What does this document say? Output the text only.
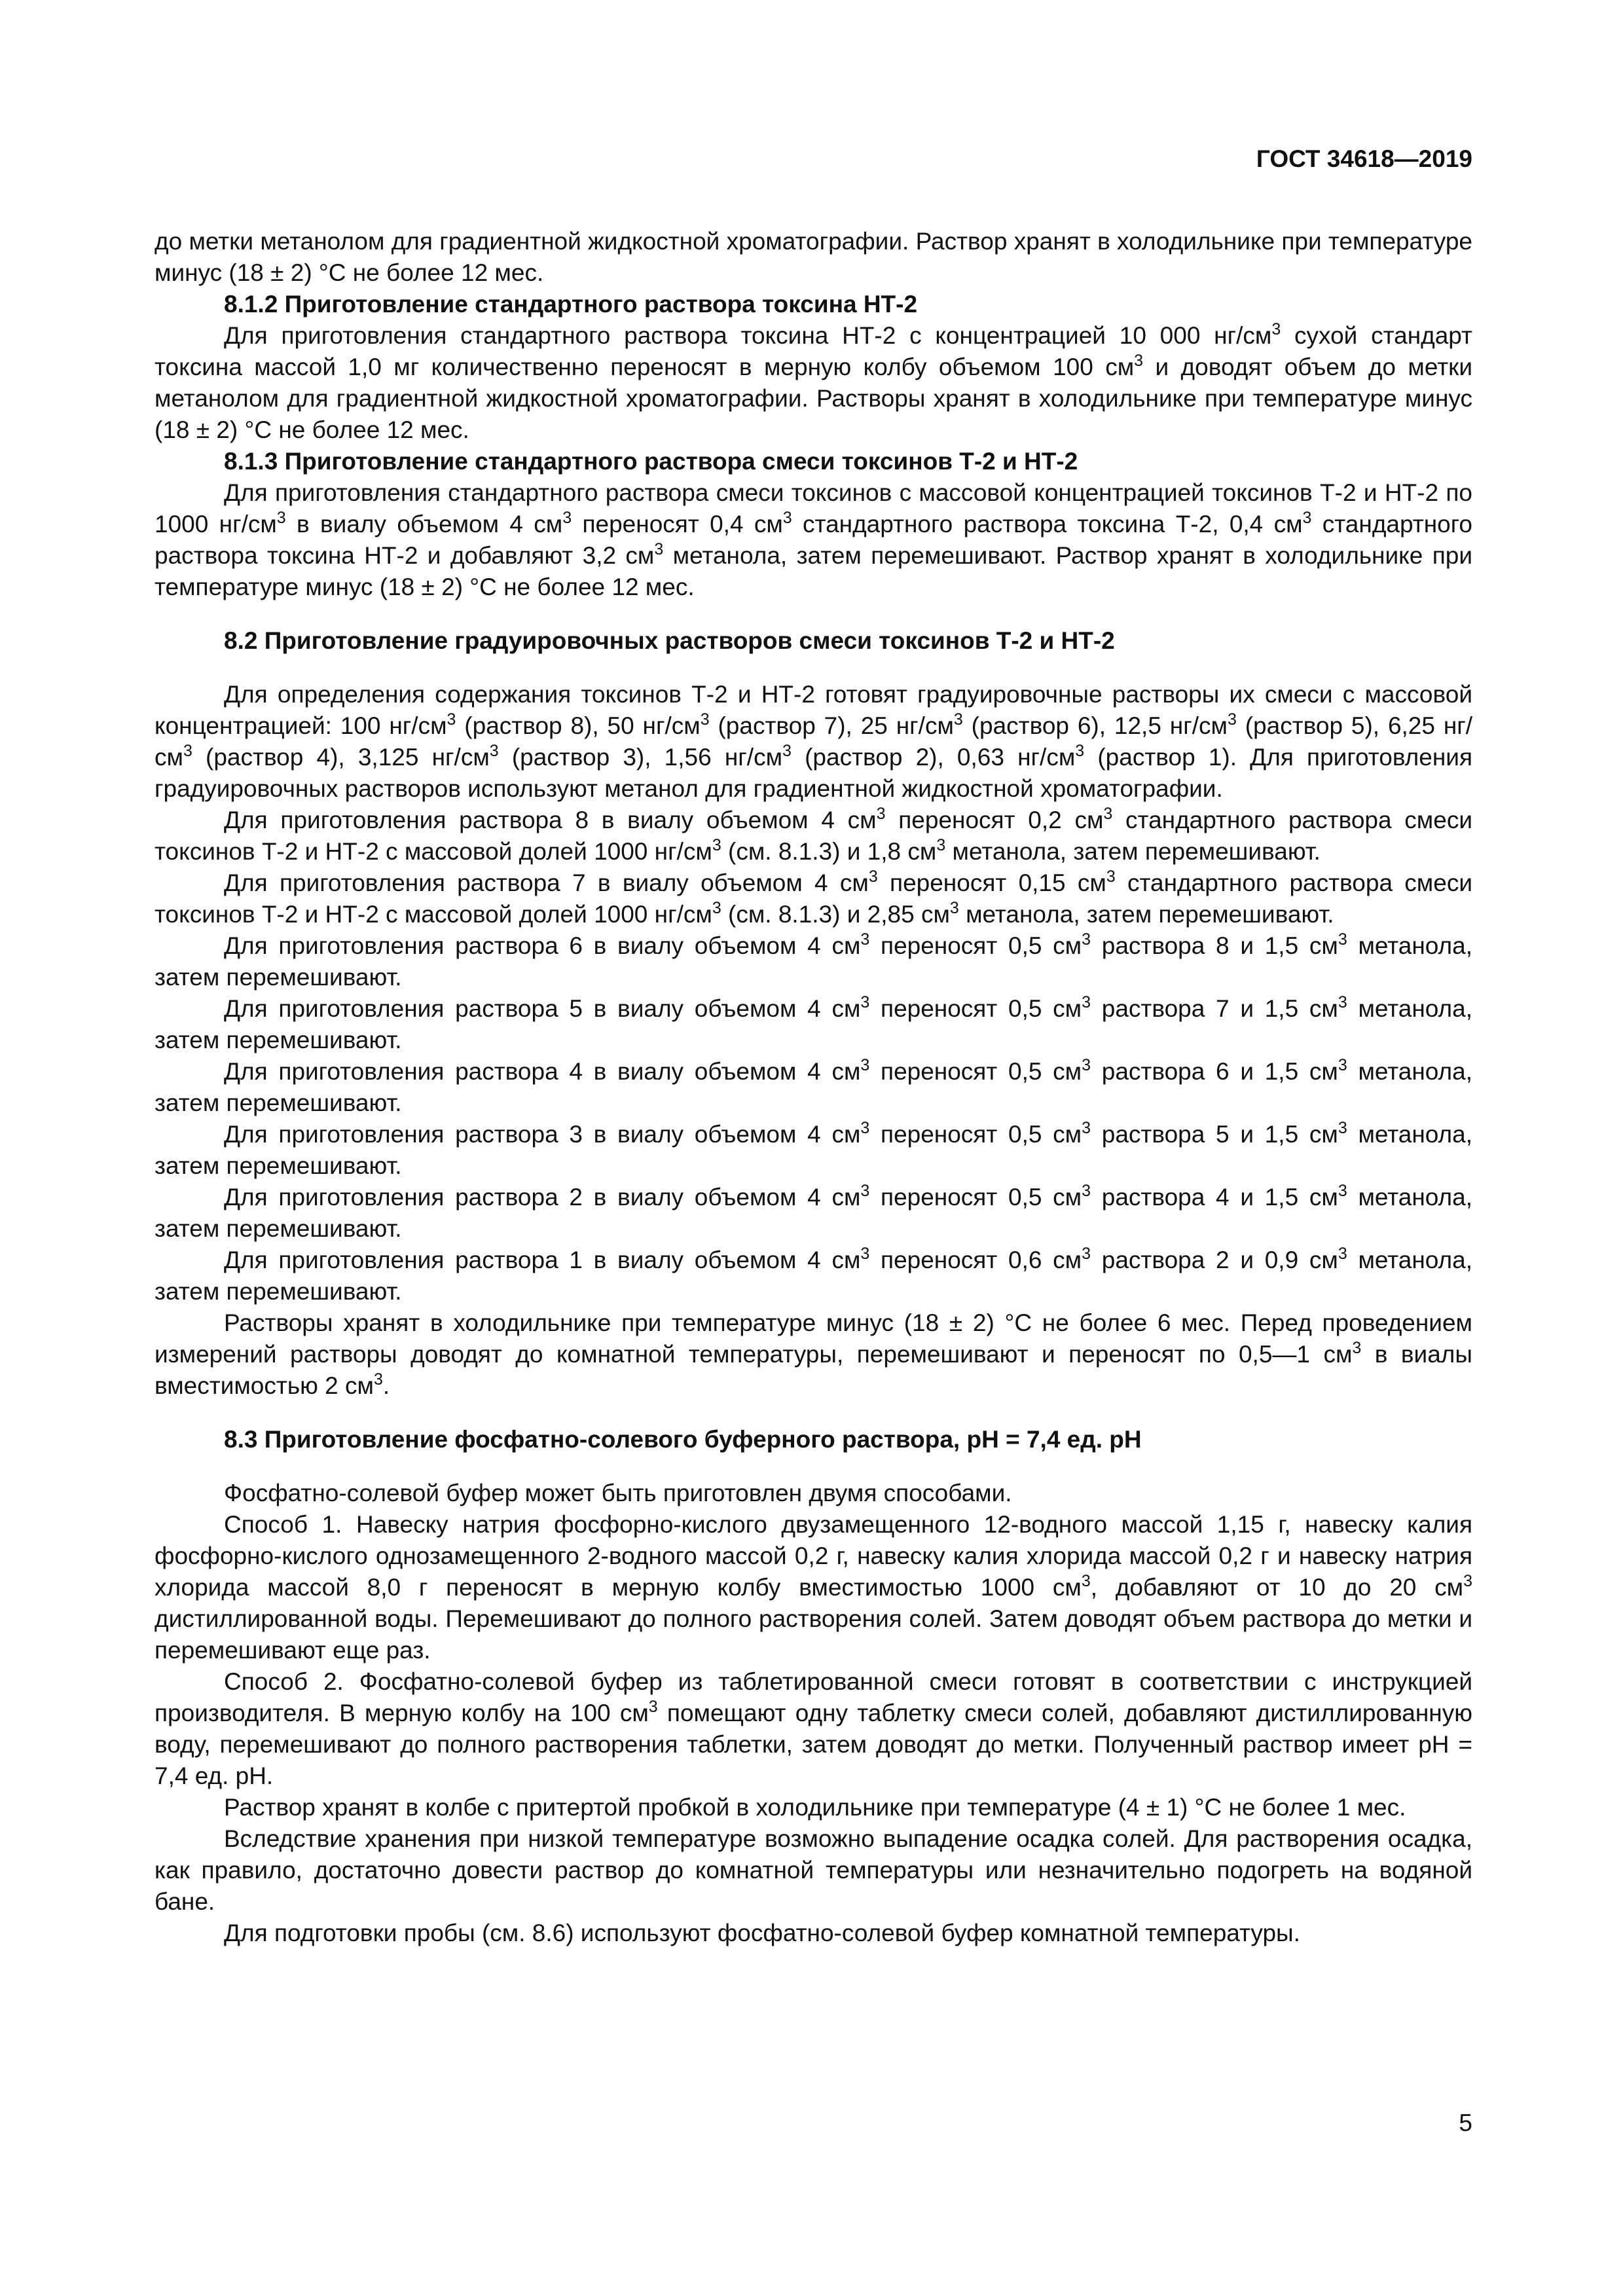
ГОСТ 34618—2019

до метки метанолом для градиентной жидкостной хроматографии. Раствор хранят в холодильнике при температуре минус (18 ± 2) °С не более 12 мес.

8.1.2 Приготовление стандартного раствора токсина НТ-2

Для приготовления стандартного раствора токсина НТ-2 с концентрацией 10 000 $нг/см^3$ сухой стандарт токсина массой 1,0 мг количественно переносят в мерную колбу объемом 100 $см^3$ и доводят объем до метки метанолом для градиентной жидкостной хроматографии. Растворы хранят в холодильнике при температуре минус (18 ± 2) °С не более 12 мес.

8.1.3 Приготовление стандартного раствора смеси токсинов Т-2 и НТ-2

Для приготовления стандартного раствора смеси токсинов с массовой концентрацией токсинов Т-2 и НТ-2 по 1000 $нг/см^3$ в виалу объемом 4 $см^3$ переносят 0,4 $см^3$ стандартного раствора токсина Т-2, 0,4 $см^3$ стандартного раствора токсина НТ-2 и добавляют 3,2 $см^3$ метанола, затем перемешивают. Раствор хранят в холодильнике при температуре минус (18 ± 2) °С не более 12 мес.

8.2 Приготовление градуировочных растворов смеси токсинов Т-2 и НТ-2

Для определения содержания токсинов Т-2 и НТ-2 готовят градуировочные растворы их смеси с массовой концентрацией: 100 $нг/см^3$ (раствор 8), 50 $нг/см^3$ (раствор 7), 25 $нг/см^3$ (раствор 6), 12,5 $нг/см^3$ (раствор 5), 6,25 $нг/см^3$ (раствор 4), 3,125 $нг/см^3$ (раствор 3), 1,56 $нг/см^3$ (раствор 2), 0,63 $нг/см^3$ (раствор 1). Для приготовления градуировочных растворов используют метанол для градиентной жидкостной хроматографии.

Для приготовления раствора 8 в виалу объемом 4 $см^3$ переносят 0,2 $см^3$ стандартного раствора смеси токсинов Т-2 и НТ-2 с массовой долей 1000 $нг/см^3$ (см. 8.1.3) и 1,8 $см^3$ метанола, затем перемешивают.

Для приготовления раствора 7 в виалу объемом 4 $см^3$ переносят 0,15 $см^3$ стандартного раствора смеси токсинов Т-2 и НТ-2 с массовой долей 1000 $нг/см^3$ (см. 8.1.3) и 2,85 $см^3$ метанола, затем перемешивают.

Для приготовления раствора 6 в виалу объемом 4 $см^3$ переносят 0,5 $см^3$ раствора 8 и 1,5 $см^3$ метанола, затем перемешивают.

Для приготовления раствора 5 в виалу объемом 4 $см^3$ переносят 0,5 $см^3$ раствора 7 и 1,5 $см^3$ метанола, затем перемешивают.

Для приготовления раствора 4 в виалу объемом 4 $см^3$ переносят 0,5 $см^3$ раствора 6 и 1,5 $см^3$ метанола, затем перемешивают.

Для приготовления раствора 3 в виалу объемом 4 $см^3$ переносят 0,5 $см^3$ раствора 5 и 1,5 $см^3$ метанола, затем перемешивают.

Для приготовления раствора 2 в виалу объемом 4 $см^3$ переносят 0,5 $см^3$ раствора 4 и 1,5 $см^3$ метанола, затем перемешивают.

Для приготовления раствора 1 в виалу объемом 4 $см^3$ переносят 0,6 $см^3$ раствора 2 и 0,9 $см^3$ метанола, затем перемешивают.

Растворы хранят в холодильнике при температуре минус (18 ± 2) °С не более 6 мес. Перед проведением измерений растворы доводят до комнатной температуры, перемешивают и переносят по 0,5—1 $см^3$ в виалы вместимостью 2 $см^3$.

8.3 Приготовление фосфатно-солевого буферного раствора, pH = 7,4 ед. pH

Фосфатно-солевой буфер может быть приготовлен двумя способами.

Способ 1. Навеску натрия фосфорно-кислого двузамещенного 12-водного массой 1,15 г, навеску калия фосфорно-кислого однозамещенного 2-водного массой 0,2 г, навеску калия хлорида массой 0,2 г и навеску натрия хлорида массой 8,0 г переносят в мерную колбу вместимостью 1000 $см^3$, добавляют от 10 до 20 $см^3$ дистиллированной воды. Перемешивают до полного растворения солей. Затем доводят объем раствора до метки и перемешивают еще раз.

Способ 2. Фосфатно-солевой буфер из таблетированной смеси готовят в соответствии с инструкцией производителя. В мерную колбу на 100 $см^3$ помещают одну таблетку смеси солей, добавляют дистиллированную воду, перемешивают до полного растворения таблетки, затем доводят до метки. Полученный раствор имеет pH = 7,4 ед. pH.

Раствор хранят в колбе с притертой пробкой в холодильнике при температуре (4 ± 1) °С не более 1 мес.

Вследствие хранения при низкой температуре возможно выпадение осадка солей. Для растворения осадка, как правило, достаточно довести раствор до комнатной температуры или незначительно подогреть на водяной бане.

Для подготовки пробы (см. 8.6) используют фосфатно-солевой буфер комнатной температуры.

5
